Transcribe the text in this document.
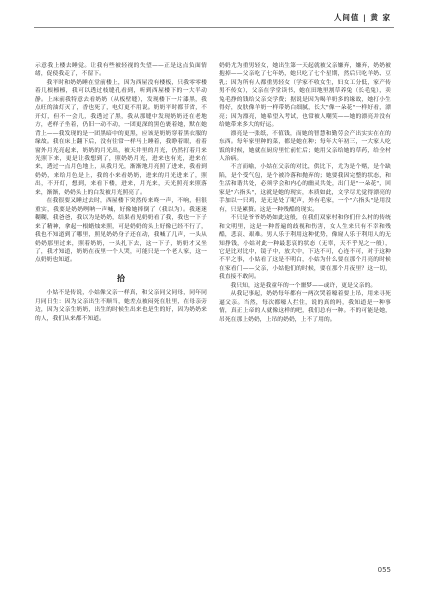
人间值 | 黄 家

示意我上楼去睡觉。让我有些被轻视的失望——正是这点负面情绪，促使我走了，不留下。

我平时和奶奶睡在堂前楼上，因为西屋没有楼板，只我零零楼着几根檩檩，我可以透过枝缝孔看到，听到西屋楼下的一大半动静。上床前我特意去看奶奶（从板壁缝），发现楼下一片漆黑，我点旺的油灯灭了，香也死了，电灯更不用说。奶奶平时都节省，不开灯，但不一会儿，我透过了黑，我从那缝中发现奶奶还在老地方，老样子坐着，仍旧一动不动，一团更深的黑色裹着她，默在她背上——我发现的是一团黑暗中的更黑，应该是奶奶穿着黑衣服的缘故。我在床上翻下后，没有往常一样马上睡着，我睁着眼，看着窗外月光亮起来，奶奶的月光出，被天井里的月光，仍然打着月来光照下来，更是让我想到了，照奶奶月光，进来也有光，进来在来，透过一点月色地上，从我月光，渐渐地月亮照了进来，我看到奶奶，来给月色是上，我的小来看奶奶，进来的月光进来了，照出，不开灯，想到，来看下楼，进来，月光来，天光照亮来照落来，渐渐，奶奶头上的白发被月光照亮了。

在我很要又睡过去时，西屋楼下突然传来咚一声，不响，但很重实，我要是奶奶咧呐一声喊，好像她摔倒了（我以为）。我迷迷糊糊，我爸爸，我以为是奶奶，结果看见奶奶看了我，我也一下子来了精神，拿起一根蜡烛来照，可是奶奶的头上好像已经不行了，我也不知道到了哪里，照见奶奶身子还在动，我喊了几声，一头从奶奶那里过来，照着奶奶，一头扎下去，这一下子，奶奶才又坐了，我才知道，奶奶在夜里一个人哭，可能只是一个老人家，这一点奶奶也知道。

拾

小姑不是传说，小姑像父亲一样真，和父亲同父同母，同年同月同日生：因为父亲出生不顺当，她差点被闷死在肚里，在母亲旁边，因为父亲生奶奶，出生的时候生出来也是生的好，因为奶奶来的人，我们从来都不知道。

奶奶尤为重男轻女，她出生第一天起就被父亲嫌弃，嫌弃，奶奶被抱掉——父亲吃了七年奶，她只吃了七个星期，然后只吃羊奶、豆乳；因为所有人都重男轻女（学家不收女生，妇女工分低，家产传男不传女），父亲在学堂读书，她在田地里割草养兔（长毛兔），卖兔毛挣的钱给父亲交学费；据说是因为喝羊奶多的缘故，她打小生得好，皮肤像羊奶一样带奶白细腻，长大"像一朵花"一样好看，漂亮；因为漂亮，她希望入考试，也常被人嘲笑——她的漂亮并没有给她带来多大的好运。

漂亮是一张纸，不值钱，而她的智慧和勤劳会产出实实在在的东西。每年家里种的菜，都是她在种；每年大年初三，一大家人吃饭的时候，她就在厨房里忙前忙后；她用父亲给她的草药，给全村人治病。

不言而喻，小姑在父亲的对比，供比下，尤为是个赌，是个缺陷，是个受气包，是个被冷落和抛弃的；她要我因完整的状态，和生活和谐共处，必须学会和内心的幽灵共处，出门是"一朵花"，回家是"六指头"，这就是她的现实，本质如此，文学尽尤觉得漂亮的手加以一只鸡，是无是处了呢声，外有毛家，一个"六指头"是用没有，只是累赘。这是一种残酷的现实。

不只是爷爷奶奶如此这般，在我们双家村和你们什么村的传统和文明里，这是一种普遍的歧视和伤害，女人生来只有不幸和残酷，悲哀、艰难。男人乐于利用这种优势，像窥人乐于利用人的无知挣钱，小姑对此一种最悲哀的状态（无辜，天不乎见之一般），它是比对比中，镜子中，放大中，下达不可，心连不可，对于这种不平之事，小姑看了这是不明白，小姑为什么要在那个月亮的时候在家看门——父亲，小姑他们的时候，要在那个月夜里？这一切，我直接不敢问。

我只知，这是我童年的一个噩梦——或许，更是父亲的。

从我记事起，奶奶每年都有一两次哭着嚎着要上吊，用来寻死逼父亲。当然，每次都嚎人拦住，说的真的吗，我知道是一种事情，真正上帝的人就像这样的吧，我们总有一种。不的可能是她，吊死在那上奶奶，上吊的奶奶，上不了用的。

055
